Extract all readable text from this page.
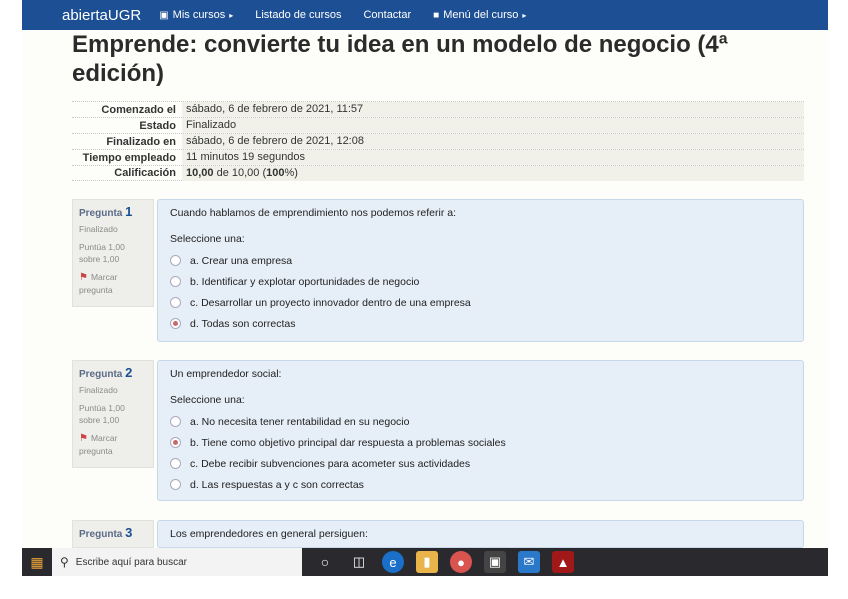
abiertaUGR ▣ Mis cursos ▸ Listado de cursos Contactar ■ Menú del curso ▸
Emprende: convierte tu idea en un modelo de negocio (4ª edición)
Comenzado el sábado, 6 de febrero de 2021, 11:57
Estado Finalizado
Finalizado en sábado, 6 de febrero de 2021, 12:08
Tiempo empleado 11 minutos 19 segundos
Calificación 10,00 de 10,00 (100%)
Pregunta 1
Finalizado
Puntúa 1,00 sobre 1,00
⚑ Marcar pregunta
Cuando hablamos de emprendimiento nos podemos referir a:
Seleccione una:
a. Crear una empresa
b. Identificar y explotar oportunidades de negocio
c. Desarrollar un proyecto innovador dentro de una empresa
d. Todas son correctas
Pregunta 2
Finalizado
Puntúa 1,00 sobre 1,00
⚑ Marcar pregunta
Un emprendedor social:
Seleccione una:
a. No necesita tener rentabilidad en su negocio
b. Tiene como objetivo principal dar respuesta a problemas sociales
c. Debe recibir subvenciones para acometer sus actividades
d. Las respuestas a y c son correctas
Pregunta 3	Los emprendedores en general persiguen:
▦ ⚲ Escribe aquí para buscar	○	◫	e	▮	●	▣	✉	▲
